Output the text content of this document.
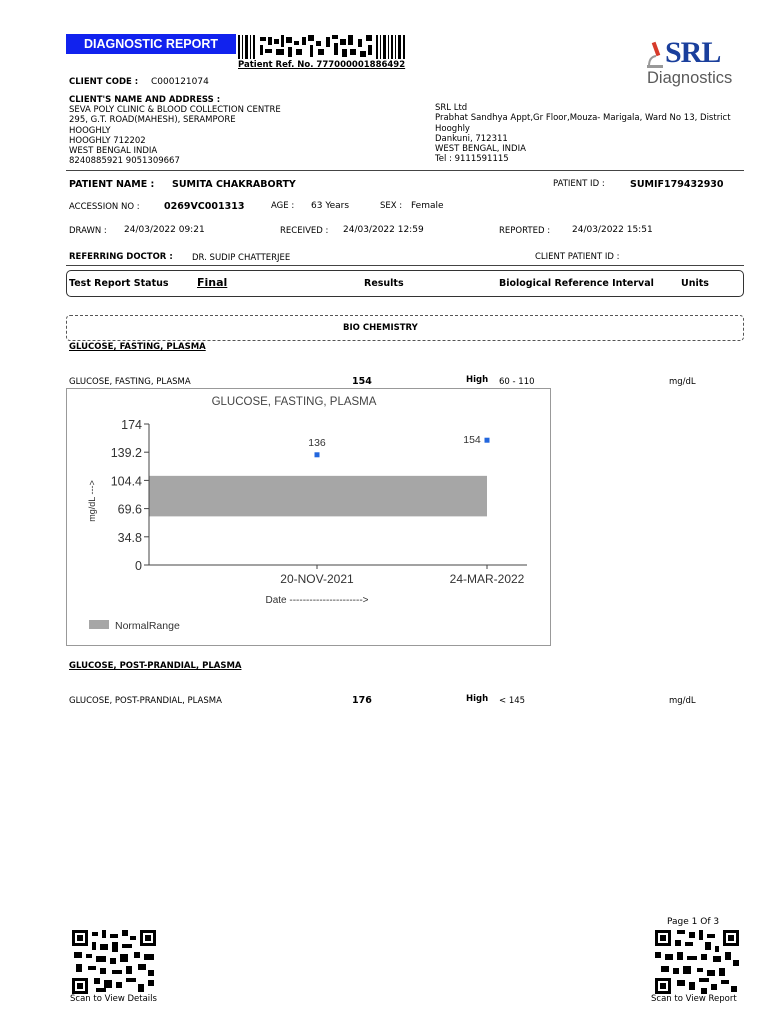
DIAGNOSTIC REPORT
Patient Ref. No. 777000001886492	SRL
Diagnostics
CLIENT CODE : C000121074
CLIENT'S NAME AND ADDRESS :
SEVA POLY CLINIC & BLOOD COLLECTION CENTRE
295, G.T. ROAD(MAHESH), SERAMPORE
HOOGHLY
HOOGHLY 712202
WEST BENGAL INDIA
8240885921 9051309667
SRL Ltd
Prabhat Sandhya Appt,Gr Floor,Mouza- Marigala, Ward No 13, District
Hooghly
Dankuni, 712311
WEST BENGAL, INDIA
Tel : 9111591115
PATIENT NAME : SUMITA CHAKRABORTY	PATIENT ID :	SUMIF179432930
ACCESSION NO :	0269VC001313	AGE : 63 Years	SEX : Female
DRAWN : 24/03/2022 09:21	RECEIVED : 24/03/2022 12:59	REPORTED : 24/03/2022 15:51
REFERRING DOCTOR : DR. SUDIP CHATTERJEE	CLIENT PATIENT ID :
Test Report Status	Final	Results	Biological Reference Interval	Units
BIO CHEMISTRY
GLUCOSE, FASTING, PLASMA
GLUCOSE, FASTING, PLASMA	154	High 60 - 110	mg/dL
GLUCOSE, FASTING, PLASMA
174
139.2
104.4
69.6
34.8
0
20-NOV-2021	24-MAR-2022
136	154
mg/dL --->
Date ---------------------->
NormalRange
GLUCOSE, POST-PRANDIAL, PLASMA
GLUCOSE, POST-PRANDIAL, PLASMA	176	High < 145	mg/dL
Page 1 Of 3
Scan to View Details	Scan to View Report
